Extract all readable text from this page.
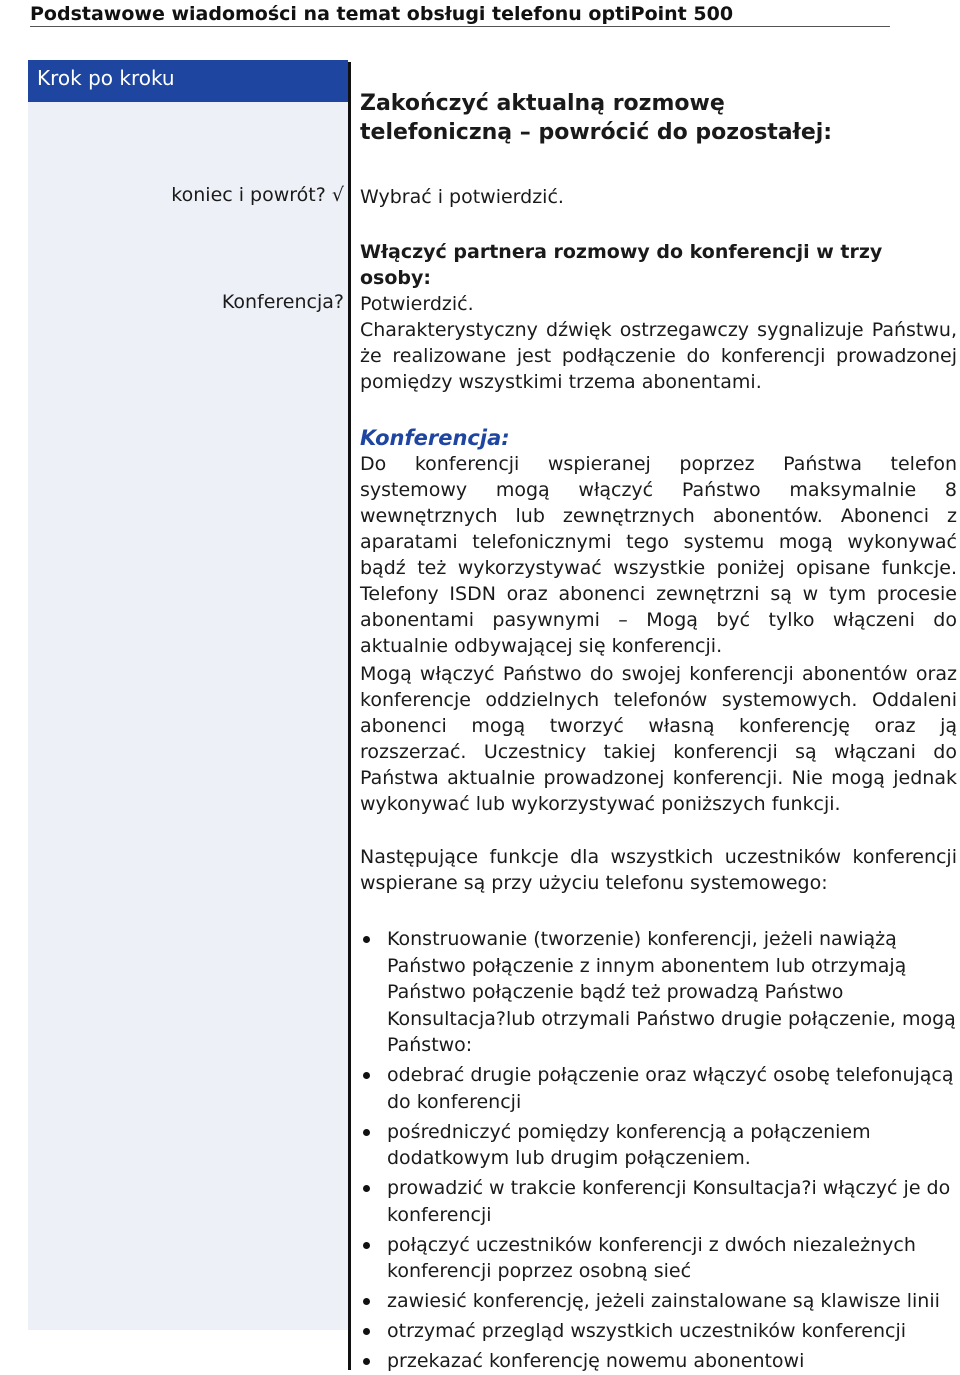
Podstawowe wiadomości na temat obsługi telefonu optiPoint 500
Krok po kroku
koniec i powrót? √
Konferencja?
Zakończyć aktualną rozmowę telefoniczną – powrócić do pozostałej:
Wybrać i potwierdzić.
Włączyć partnera rozmowy do konferencji w trzy osoby:
Potwierdzić.
Charakterystyczny dźwięk ostrzegawczy sygnalizuje Państwu, że realizowane jest podłączenie do konferencji prowadzonej pomiędzy wszystkimi trzema abonentami.
Konferencja:
Do konferencji wspieranej poprzez Państwa telefon systemowy mogą włączyć Państwo maksymalnie 8 wewnętrznych lub zewnętrznych abonentów. Abonenci z aparatami telefonicznymi tego systemu mogą wykonywać bądź też wykorzystywać wszystkie poniżej opisane funkcje. Telefony ISDN oraz abonenci zewnętrzni są w tym procesie abonentami pasywnymi – Mogą być tylko włączeni do aktualnie odbywającej się konferencji.
Mogą włączyć Państwo do swojej konferencji abonentów oraz konferencje oddzielnych telefonów systemowych. Oddaleni abonenci mogą tworzyć własną konferencję oraz ją rozszerzać. Uczestnicy takiej konferencji są włączani do Państwa aktualnie prowadzonej konferencji. Nie mogą jednak wykonywać lub wykorzystywać poniższych funkcji.
Następujące funkcje dla wszystkich uczestników konferencji wspierane są przy użyciu telefonu systemowego:
Konstruowanie (tworzenie) konferencji, jeżeli nawiążą Państwo połączenie z innym abonentem lub otrzymają Państwo połączenie bądź też prowadzą Państwo Konsultacja?lub otrzymali Państwo drugie połączenie, mogą Państwo:
odebrać drugie połączenie oraz włączyć osobę telefonującą do konferencji
pośredniczyć pomiędzy konferencją a połączeniem dodatkowym lub drugim połączeniem.
prowadzić w trakcie konferencji Konsultacja?i włączyć je do konferencji
połączyć uczestników konferencji z dwóch niezależnych konferencji poprzez osobną sieć
zawiesić konferencję, jeżeli zainstalowane są klawisze linii
otrzymać przegląd wszystkich uczestników konferencji
przekazać konferencję nowemu abonentowi
